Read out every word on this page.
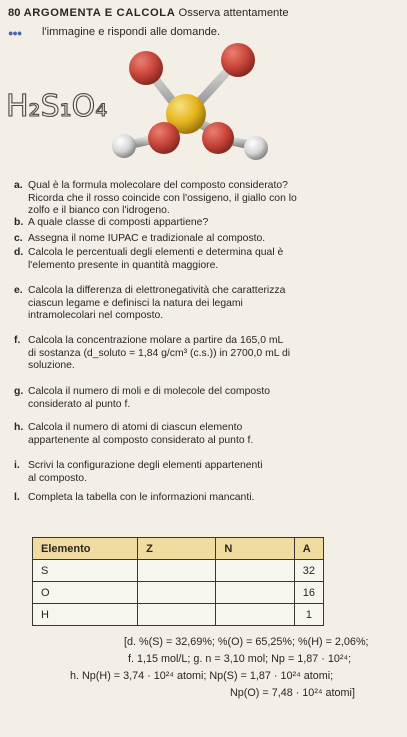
80 ARGOMENTA E CALCOLA Osserva attentamente
●●● l'immagine e rispondi alle domande.
H₂S₁O₄
a. Qual è la formula molecolare del composto considerato?
Ricorda che il rosso coincide con l'ossigeno, il giallo con lo
zolfo e il bianco con l'idrogeno.
b. A quale classe di composti appartiene?
c. Assegna il nome IUPAC e tradizionale al composto.
d. Calcola le percentuali degli elementi e determina qual è
l'elemento presente in quantità maggiore.
e. Calcola la differenza di elettronegatività che caratterizza
ciascun legame e definisci la natura dei legami
intramolecolari nel composto.
f. Calcola la concentrazione molare a partire da 165,0 mL
di sostanza (d_soluto = 1,84 g/cm³ (c.s.)) in 2700,0 mL di
soluzione.
g. Calcola il numero di moli e di molecole del composto
considerato al punto f.
h. Calcola il numero di atomi di ciascun elemento
appartenente al composto considerato al punto f.
i. Scrivi la configurazione degli elementi appartenenti
al composto.
l. Completa la tabella con le informazioni mancanti.
Elemento	Z	N	A
S			32
O			16
H			1
[d. %(S) = 32,69%; %(O) = 65,25%; %(H) = 2,06%;
f. 1,15 mol/L; g. n = 3,10 mol; Np = 1,87 · 10²⁴;
h. Np(H) = 3,74 · 10²⁴ atomi; Np(S) = 1,87 · 10²⁴ atomi;
Np(O) = 7,48 · 10²⁴ atomi]
